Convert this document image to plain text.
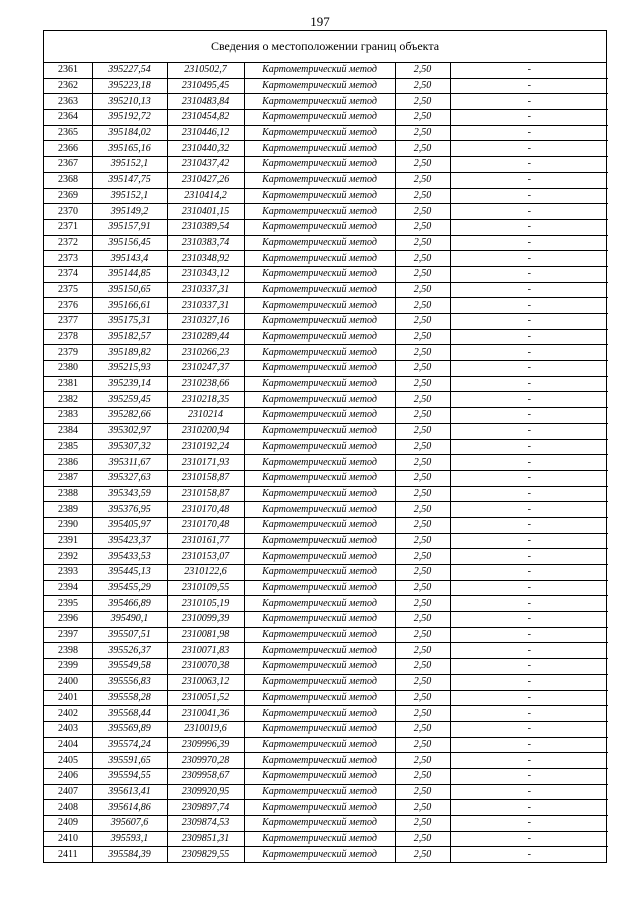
197
Сведения о местоположении границ объекта
2361	395227,54	2310502,7	Картометрический метод	2,50	-
2362	395223,18	2310495,45	Картометрический метод	2,50	-
2363	395210,13	2310483,84	Картометрический метод	2,50	-
2364	395192,72	2310454,82	Картометрический метод	2,50	-
2365	395184,02	2310446,12	Картометрический метод	2,50	-
2366	395165,16	2310440,32	Картометрический метод	2,50	-
2367	395152,1	2310437,42	Картометрический метод	2,50	-
2368	395147,75	2310427,26	Картометрический метод	2,50	-
2369	395152,1	2310414,2	Картометрический метод	2,50	-
2370	395149,2	2310401,15	Картометрический метод	2,50	-
2371	395157,91	2310389,54	Картометрический метод	2,50	-
2372	395156,45	2310383,74	Картометрический метод	2,50	-
2373	395143,4	2310348,92	Картометрический метод	2,50	-
2374	395144,85	2310343,12	Картометрический метод	2,50	-
2375	395150,65	2310337,31	Картометрический метод	2,50	-
2376	395166,61	2310337,31	Картометрический метод	2,50	-
2377	395175,31	2310327,16	Картометрический метод	2,50	-
2378	395182,57	2310289,44	Картометрический метод	2,50	-
2379	395189,82	2310266,23	Картометрический метод	2,50	-
2380	395215,93	2310247,37	Картометрический метод	2,50	-
2381	395239,14	2310238,66	Картометрический метод	2,50	-
2382	395259,45	2310218,35	Картометрический метод	2,50	-
2383	395282,66	2310214	Картометрический метод	2,50	-
2384	395302,97	2310200,94	Картометрический метод	2,50	-
2385	395307,32	2310192,24	Картометрический метод	2,50	-
2386	395311,67	2310171,93	Картометрический метод	2,50	-
2387	395327,63	2310158,87	Картометрический метод	2,50	-
2388	395343,59	2310158,87	Картометрический метод	2,50	-
2389	395376,95	2310170,48	Картометрический метод	2,50	-
2390	395405,97	2310170,48	Картометрический метод	2,50	-
2391	395423,37	2310161,77	Картометрический метод	2,50	-
2392	395433,53	2310153,07	Картометрический метод	2,50	-
2393	395445,13	2310122,6	Картометрический метод	2,50	-
2394	395455,29	2310109,55	Картометрический метод	2,50	-
2395	395466,89	2310105,19	Картометрический метод	2,50	-
2396	395490,1	2310099,39	Картометрический метод	2,50	-
2397	395507,51	2310081,98	Картометрический метод	2,50	-
2398	395526,37	2310071,83	Картометрический метод	2,50	-
2399	395549,58	2310070,38	Картометрический метод	2,50	-
2400	395556,83	2310063,12	Картометрический метод	2,50	-
2401	395558,28	2310051,52	Картометрический метод	2,50	-
2402	395568,44	2310041,36	Картометрический метод	2,50	-
2403	395569,89	2310019,6	Картометрический метод	2,50	-
2404	395574,24	2309996,39	Картометрический метод	2,50	-
2405	395591,65	2309970,28	Картометрический метод	2,50	-
2406	395594,55	2309958,67	Картометрический метод	2,50	-
2407	395613,41	2309920,95	Картометрический метод	2,50	-
2408	395614,86	2309897,74	Картометрический метод	2,50	-
2409	395607,6	2309874,53	Картометрический метод	2,50	-
2410	395593,1	2309851,31	Картометрический метод	2,50	-
2411	395584,39	2309829,55	Картометрический метод	2,50	-
